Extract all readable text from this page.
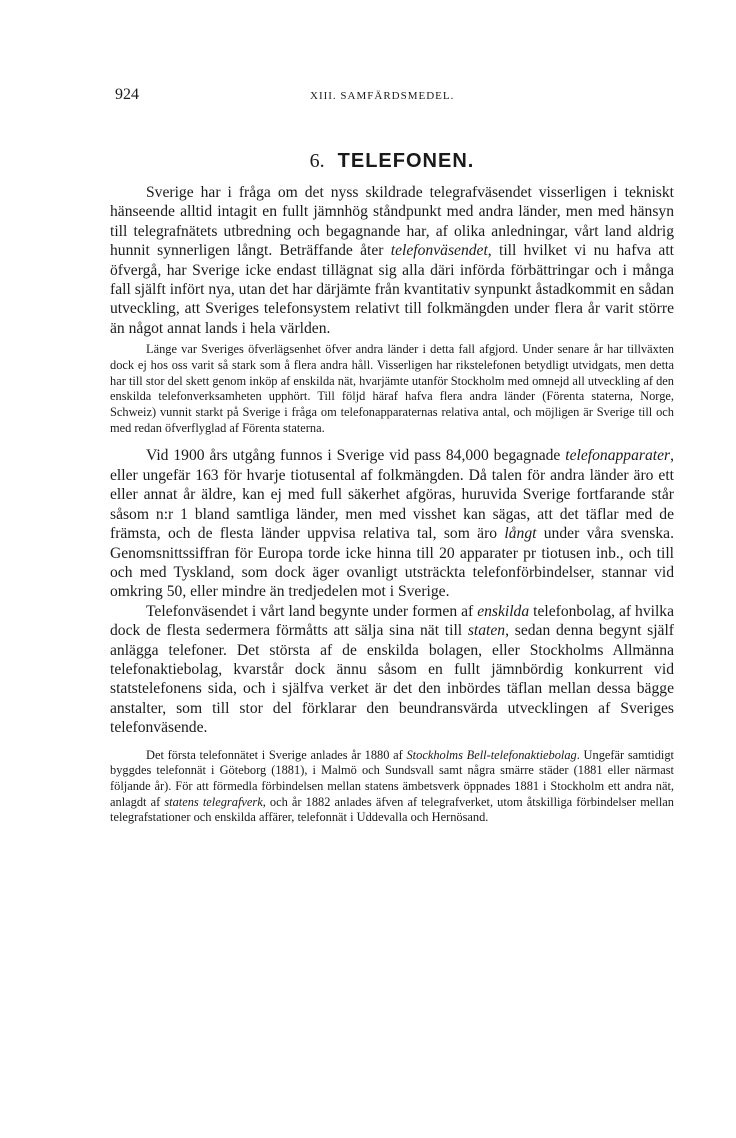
924	XIII. SAMFÄRDSMEDEL.
6. TELEFONEN.

Sverige har i fråga om det nyss skildrade telegrafväsendet visserligen i tekniskt hänseende alltid intagit en fullt jämnhög ståndpunkt med andra länder, men med hänsyn till telegrafnätets utbredning och begagnande har, af olika anledningar, vårt land aldrig hunnit synnerligen långt. Beträffande åter telefonväsendet, till hvilket vi nu hafva att öfvergå, har Sverige icke endast tillägnat sig alla däri införda förbättringar och i många fall själft infört nya, utan det har därjämte från kvantitativ synpunkt åstadkommit en sådan utveckling, att Sveriges telefonsystem relativt till folkmängden under flera år varit större än något annat lands i hela världen.

Länge var Sveriges öfverlägsenhet öfver andra länder i detta fall afgjord. Under senare år har tillväxten dock ej hos oss varit så stark som å flera andra håll. Visserligen har rikstelefonen betydligt utvidgats, men detta har till stor del skett genom inköp af enskilda nät, hvarjämte utanför Stockholm med omnejd all utveckling af den enskilda telefonverksamheten upphört. Till följd häraf hafva flera andra länder (Förenta staterna, Norge, Schweiz) vunnit starkt på Sverige i fråga om telefonapparaternas relativa antal, och möjligen är Sverige till och med redan öfverflyglad af Förenta staterna.

Vid 1900 års utgång funnos i Sverige vid pass 84,000 begagnade telefonapparater, eller ungefär 163 för hvarje tiotusental af folkmängden. Då talen för andra länder äro ett eller annat år äldre, kan ej med full säkerhet afgöras, huruvida Sverige fortfarande står såsom n:r 1 bland samtliga länder, men med visshet kan sägas, att det täflar med de främsta, och de flesta länder uppvisa relativa tal, som äro långt under våra svenska. Genomsnittssiffran för Europa torde icke hinna till 20 apparater pr tiotusen inb., och till och med Tyskland, som dock äger ovanligt utsträckta telefonförbindelser, stannar vid omkring 50, eller mindre än tredjedelen mot i Sverige.

Telefonväsendet i vårt land begynte under formen af enskilda telefonbolag, af hvilka dock de flesta sedermera förmåtts att sälja sina nät till staten, sedan denna begynt själf anlägga telefoner. Det största af de enskilda bolagen, eller Stockholms Allmänna telefonaktiebolag, kvarstår dock ännu såsom en fullt jämnbördig konkurrent vid statstelefonens sida, och i själfva verket är det den inbördes täflan mellan dessa bägge anstalter, som till stor del förklarar den beundransvärda utvecklingen af Sveriges telefonväsende.

Det första telefonnätet i Sverige anlades år 1880 af Stockholms Bell-telefonaktiebolag. Ungefär samtidigt byggdes telefonnät i Göteborg (1881), i Malmö och Sundsvall samt några smärre städer (1881 eller närmast följande år). För att förmedla förbindelsen mellan statens ämbetsverk öppnades 1881 i Stockholm ett andra nät, anlagdt af statens telegrafverk, och år 1882 anlades äfven af telegrafverket, utom åtskilliga förbindelser mellan telegrafstationer och enskilda affärer, telefonnät i Uddevalla och Hernösand.
